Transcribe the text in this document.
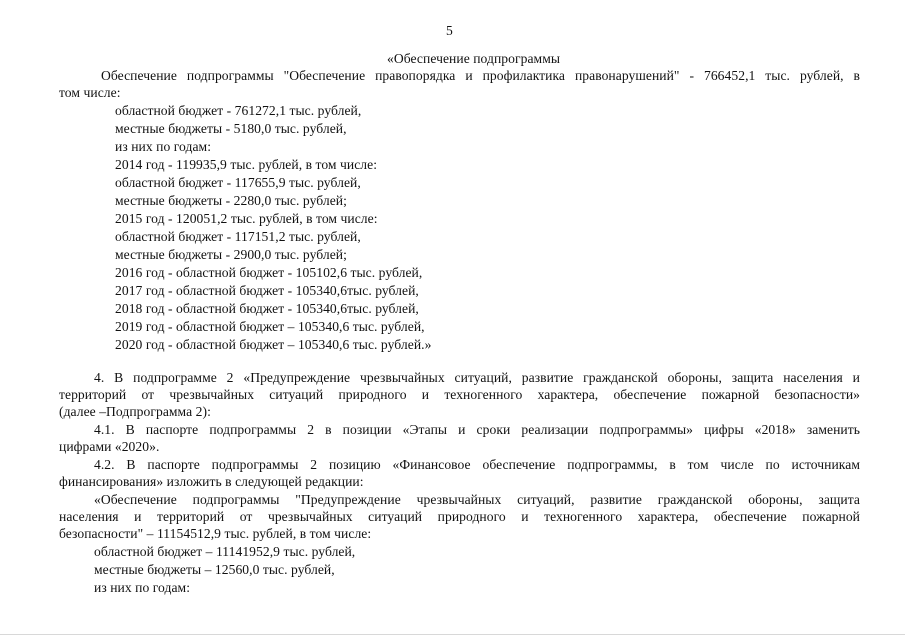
5
«Обеспечение подпрограммы
Обеспечение подпрограммы "Обеспечение правопорядка и профилактика правонарушений" - 766452,1 тыс. рублей, в
том числе:
областной бюджет - 761272,1 тыс. рублей,
местные бюджеты - 5180,0 тыс. рублей,
из них по годам:
2014 год - 119935,9 тыс. рублей, в том числе:
областной бюджет - 117655,9 тыс. рублей,
местные бюджеты - 2280,0 тыс. рублей;
2015 год - 120051,2 тыс. рублей, в том числе:
областной бюджет - 117151,2 тыс. рублей,
местные бюджеты - 2900,0 тыс. рублей;
2016 год - областной бюджет - 105102,6 тыс. рублей,
2017 год - областной бюджет - 105340,6тыс. рублей,
2018 год - областной бюджет - 105340,6тыс. рублей,
2019 год - областной бюджет – 105340,6 тыс. рублей,
2020 год - областной бюджет – 105340,6 тыс. рублей.»
4. В подпрограмме 2 «Предупреждение чрезвычайных ситуаций, развитие гражданской обороны, защита населения и
территорий от чрезвычайных ситуаций природного и техногенного характера, обеспечение пожарной безопасности»
(далее –Подпрограмма 2):
4.1. В паспорте подпрограммы 2 в позиции «Этапы и сроки реализации подпрограммы» цифры «2018» заменить
цифрами «2020».
4.2. В паспорте подпрограммы 2 позицию «Финансовое обеспечение подпрограммы, в том числе по источникам
финансирования» изложить в следующей редакции:
«Обеспечение подпрограммы "Предупреждение чрезвычайных ситуаций, развитие гражданской обороны, защита
населения и территорий от чрезвычайных ситуаций природного и техногенного характера, обеспечение пожарной
безопасности" – 11154512,9 тыс. рублей, в том числе:
областной бюджет – 11141952,9 тыс. рублей,
местные бюджеты – 12560,0 тыс. рублей,
из них по годам:
